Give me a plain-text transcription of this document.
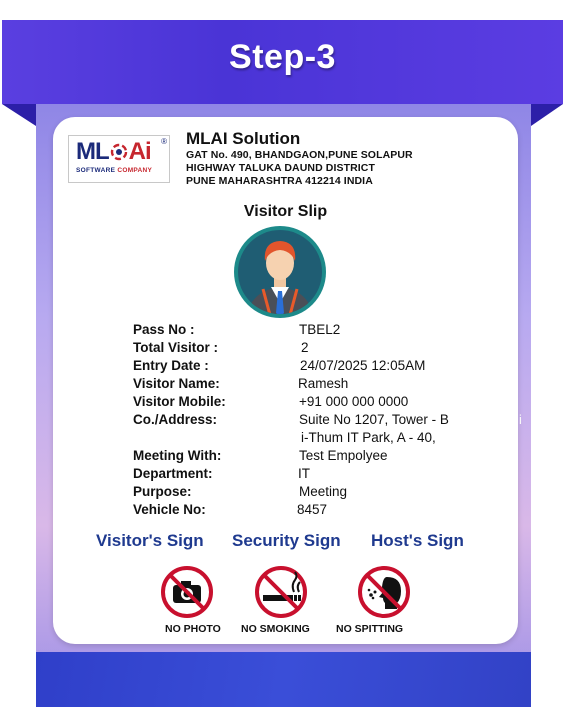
Step-3
i
ML Ai ®
SOFTWARE COMPANY
MLAI Solution
GAT No. 490, BHANDGAON,PUNE SOLAPUR
HIGHWAY TALUKA DAUND DISTRICT
PUNE MAHARASHTRA 412214 INDIA
Visitor Slip
Pass No :	TBEL2
Total Visitor :	2
Entry Date :	24/07/2025 12:05AM
Visitor Name:	Ramesh
Visitor Mobile:	+91 000 000 0000
Co./Address:	Suite No 1207, Tower - B
i-Thum IT Park, A - 40,
Meeting With:	Test Empolyee
Department:	IT
Purpose:	Meeting
Vehicle No:	8457
Visitor's Sign Security Sign Host's Sign
NO PHOTO NO SMOKING NO SPITTING
